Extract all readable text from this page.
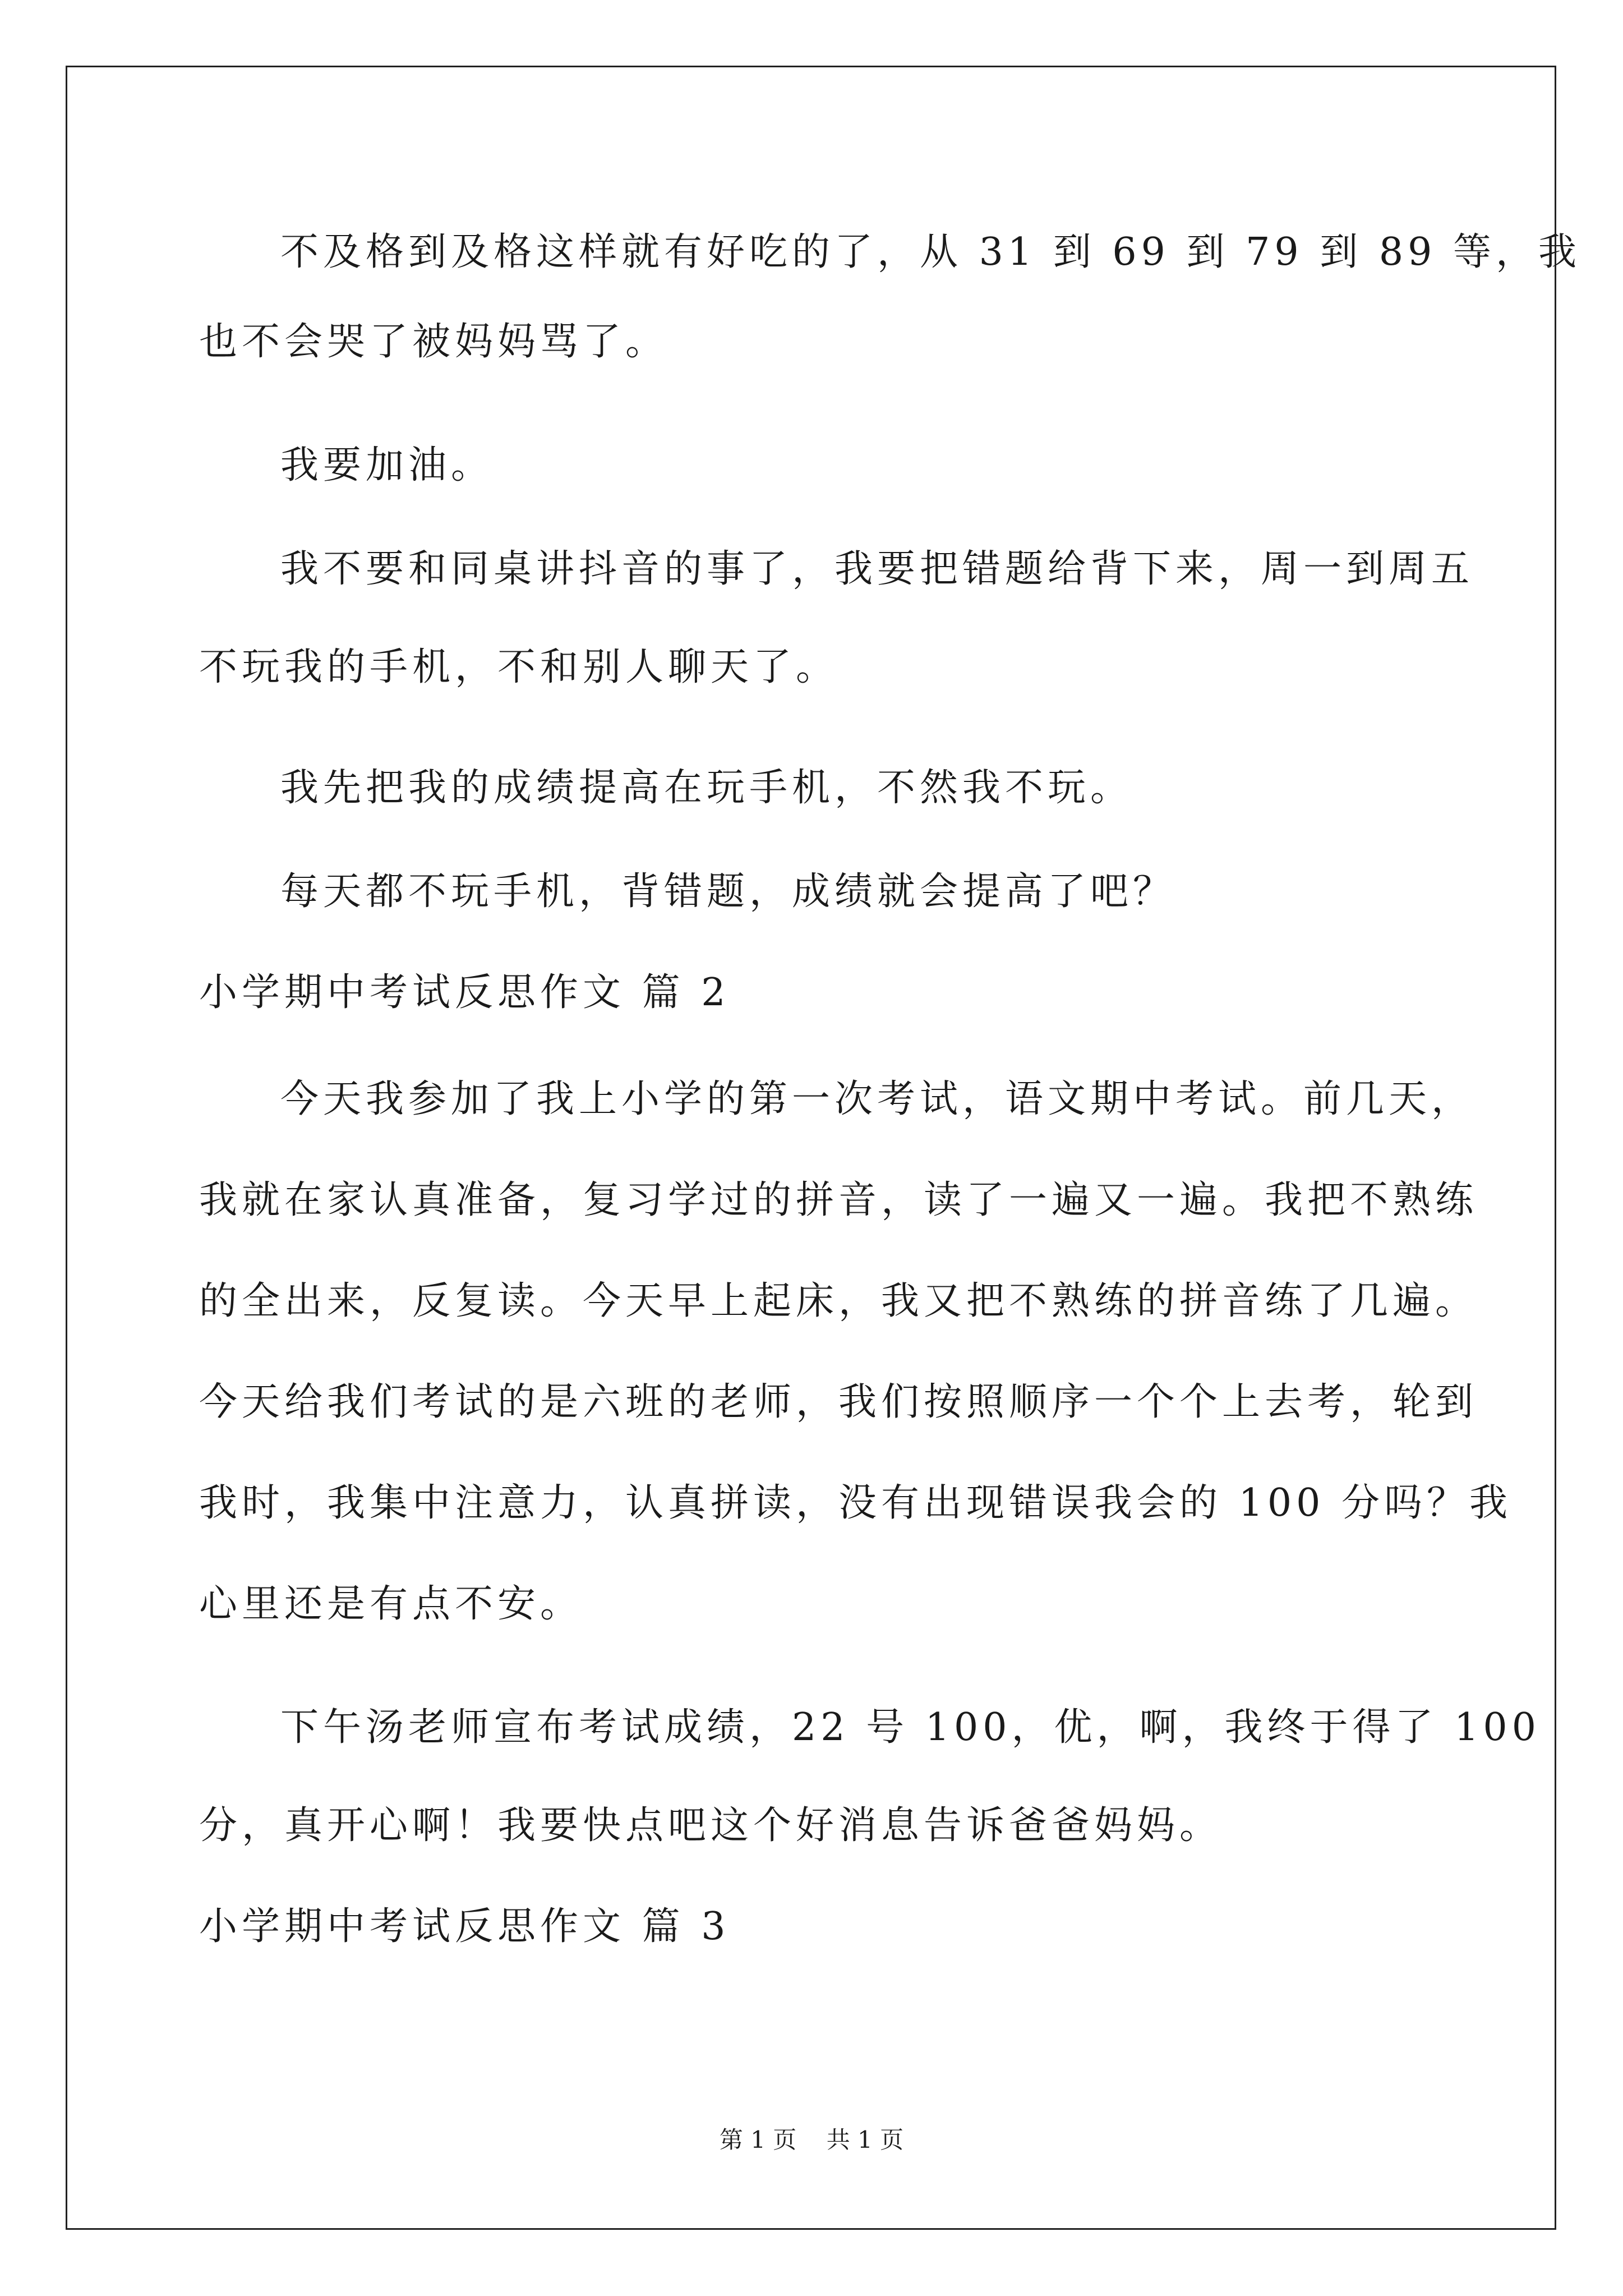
不及格到及格这样就有好吃的了，从 31 到 69 到 79 到 89 等，我
也不会哭了被妈妈骂了。
我要加油。
我不要和同桌讲抖音的事了，我要把错题给背下来，周一到周五
不玩我的手机，不和别人聊天了。
我先把我的成绩提高在玩手机，不然我不玩。
每天都不玩手机，背错题，成绩就会提高了吧？
小学期中考试反思作文 篇 2
今天我参加了我上小学的第一次考试，语文期中考试。前几天，
我就在家认真准备，复习学过的拼音，读了一遍又一遍。我把不熟练
的全出来，反复读。今天早上起床，我又把不熟练的拼音练了几遍。
今天给我们考试的是六班的老师，我们按照顺序一个个上去考，轮到
我时，我集中注意力，认真拼读，没有出现错误我会的 100 分吗？我
心里还是有点不安。
下午汤老师宣布考试成绩，22 号 100，优，啊，我终于得了 100
分，真开心啊！我要快点吧这个好消息告诉爸爸妈妈。
小学期中考试反思作文 篇 3
第 1 页    共 1 页
